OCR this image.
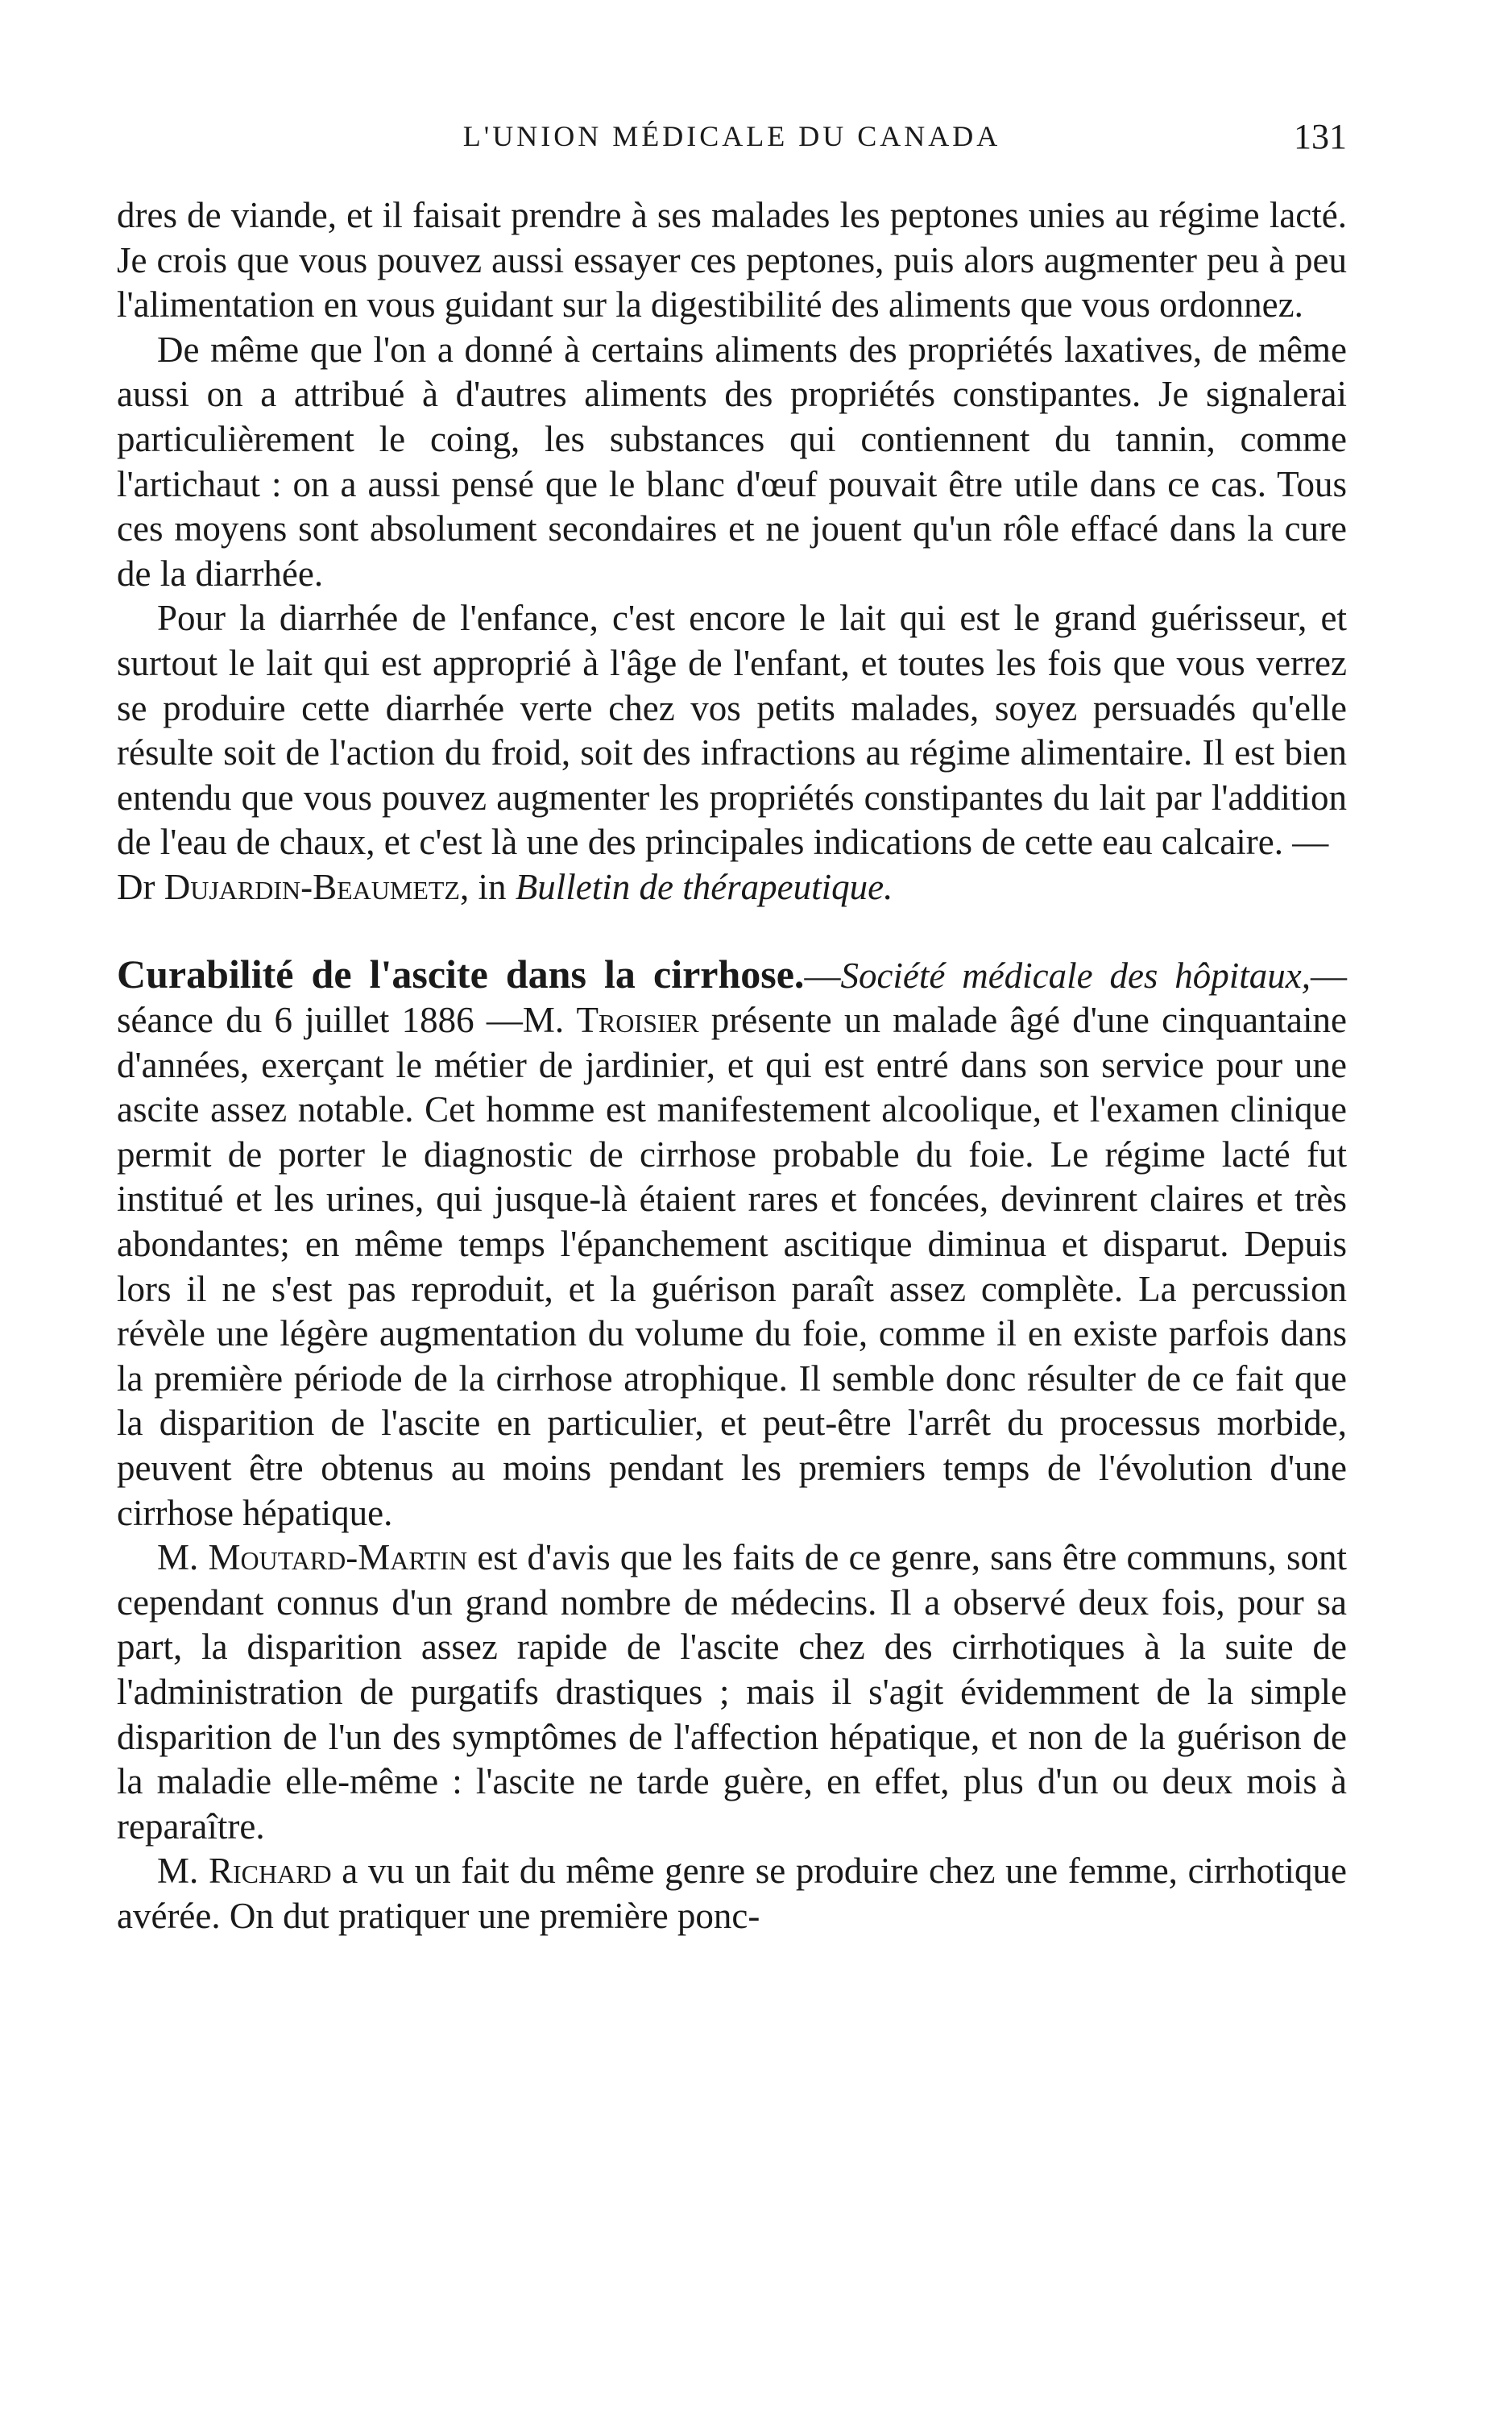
L'UNION MÉDICALE DU CANADA	131

dres de viande, et il faisait prendre à ses malades les peptones unies au régime lacté. Je crois que vous pouvez aussi essayer ces peptones, puis alors augmenter peu à peu l'alimentation en vous guidant sur la digestibilité des aliments que vous ordonnez.

De même que l'on a donné à certains aliments des propriétés laxatives, de même aussi on a attribué à d'autres aliments des propriétés constipantes. Je signalerai particulièrement le coing, les substances qui contiennent du tannin, comme l'artichaut : on a aussi pensé que le blanc d'œuf pouvait être utile dans ce cas. Tous ces moyens sont absolument secondaires et ne jouent qu'un rôle effacé dans la cure de la diarrhée.

Pour la diarrhée de l'enfance, c'est encore le lait qui est le grand guérisseur, et surtout le lait qui est approprié à l'âge de l'enfant, et toutes les fois que vous verrez se produire cette diarrhée verte chez vos petits malades, soyez persuadés qu'elle résulte soit de l'action du froid, soit des infractions au régime alimentaire. Il est bien entendu que vous pouvez augmenter les propriétés constipantes du lait par l'addition de l'eau de chaux, et c'est là une des principales indications de cette eau calcaire. —
Dr Dujardin-Beaumetz, in Bulletin de thérapeutique.

Curabilité de l'ascite dans la cirrhose.—Société médicale des hôpitaux,—séance du 6 juillet 1886 —M. Troisier présente un malade âgé d'une cinquantaine d'années, exerçant le métier de jardinier, et qui est entré dans son service pour une ascite assez notable. Cet homme est manifestement alcoolique, et l'examen clinique permit de porter le diagnostic de cirrhose probable du foie. Le régime lacté fut institué et les urines, qui jusque-là étaient rares et foncées, devinrent claires et très abondantes; en même temps l'épanchement ascitique diminua et disparut. Depuis lors il ne s'est pas reproduit, et la guérison paraît assez complète. La percussion révèle une légère augmentation du volume du foie, comme il en existe parfois dans la première période de la cirrhose atrophique. Il semble donc résulter de ce fait que la disparition de l'ascite en particulier, et peut-être l'arrêt du processus morbide, peuvent être obtenus au moins pendant les premiers temps de l'évolution d'une cirrhose hépatique.

M. Moutard-Martin est d'avis que les faits de ce genre, sans être communs, sont cependant connus d'un grand nombre de médecins. Il a observé deux fois, pour sa part, la disparition assez rapide de l'ascite chez des cirrhotiques à la suite de l'administration de purgatifs drastiques ; mais il s'agit évidemment de la simple disparition de l'un des symptômes de l'affection hépatique, et non de la guérison de la maladie elle-même : l'ascite ne tarde guère, en effet, plus d'un ou deux mois à reparaître.

M. Richard a vu un fait du même genre se produire chez une femme, cirrhotique avérée. On dut pratiquer une première ponc-
